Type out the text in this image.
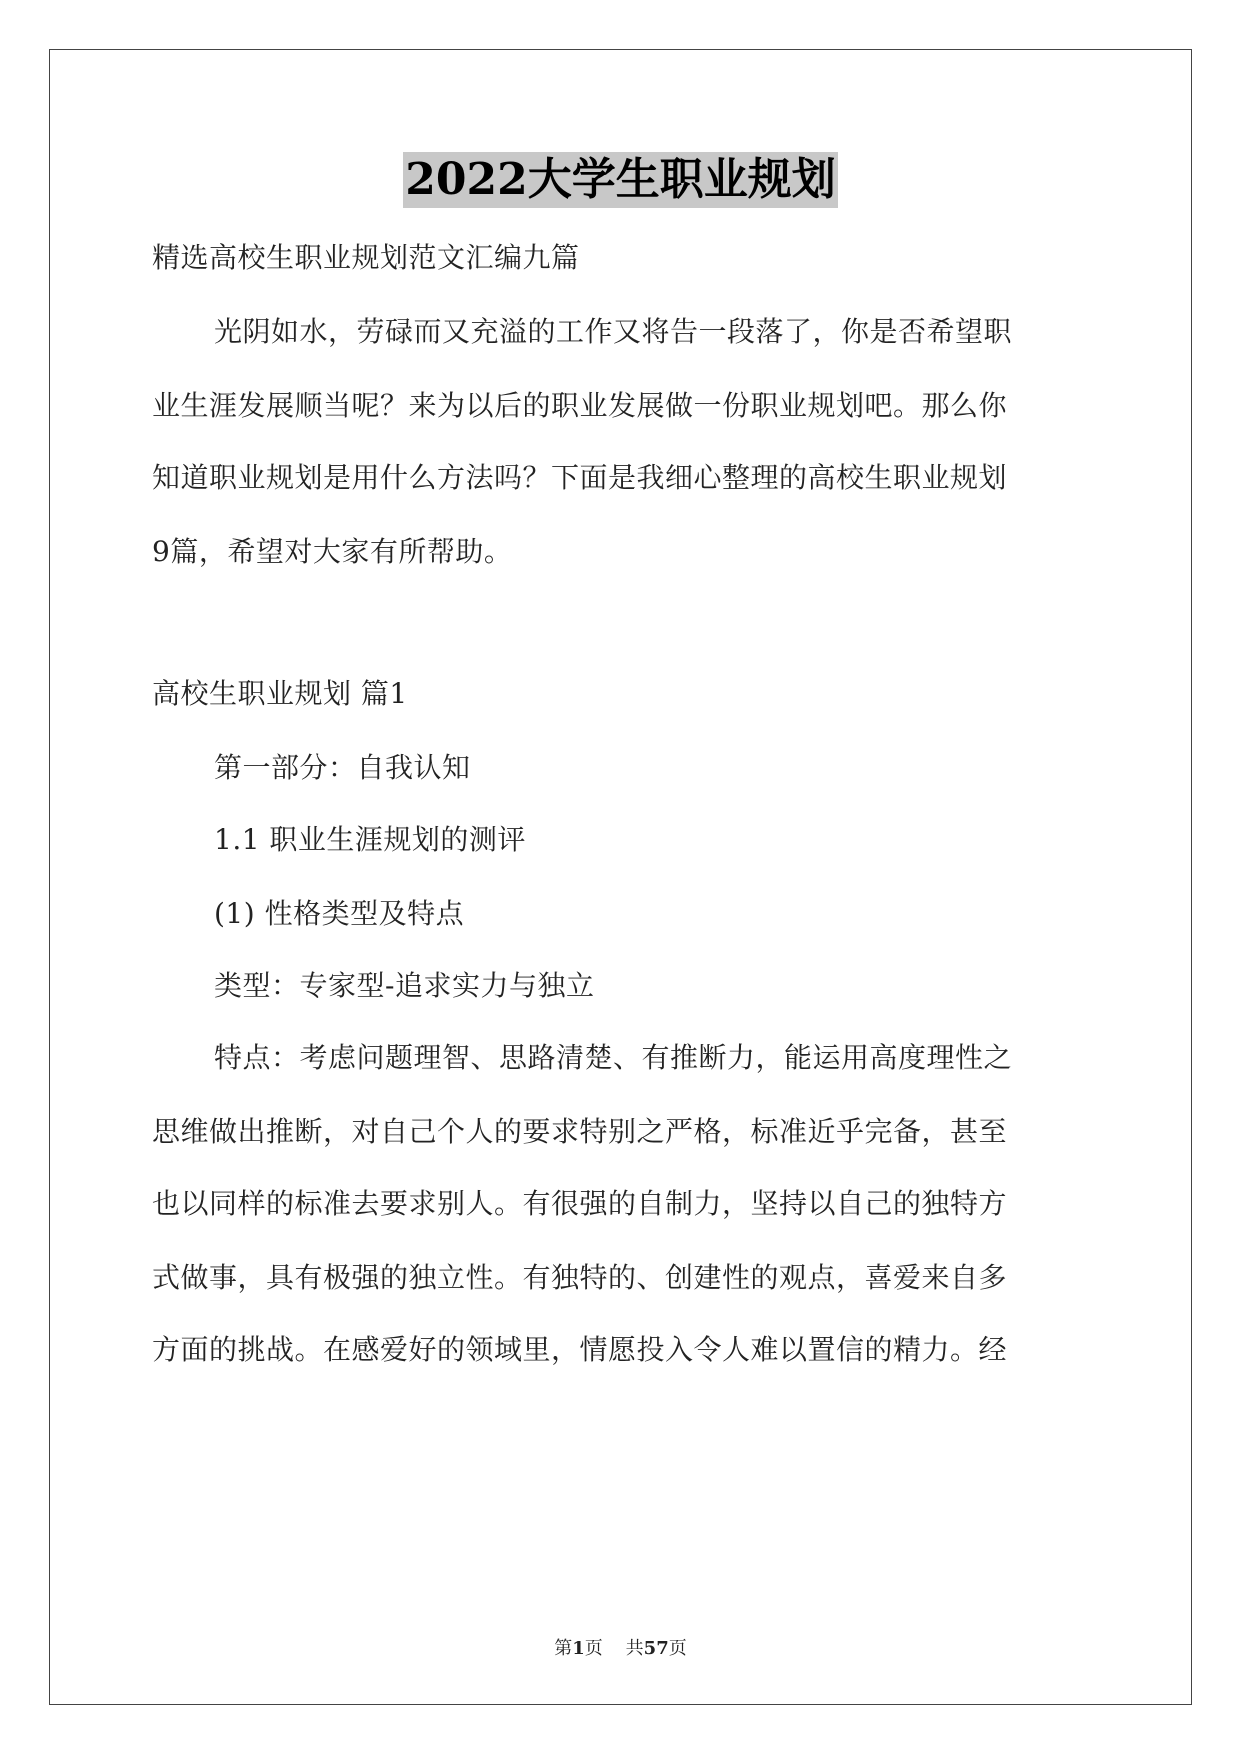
2022大学生职业规划
精选高校生职业规划范文汇编九篇
光阴如水，劳碌而又充溢的工作又将告一段落了，你是否希望职
业生涯发展顺当呢？来为以后的职业发展做一份职业规划吧。那么你
知道职业规划是用什么方法吗？下面是我细心整理的高校生职业规划
9篇，希望对大家有所帮助。
高校生职业规划 篇1
第一部分：自我认知
1.1 职业生涯规划的测评
(1) 性格类型及特点
类型：专家型-追求实力与独立
特点：考虑问题理智、思路清楚、有推断力，能运用高度理性之
思维做出推断，对自己个人的要求特别之严格，标准近乎完备，甚至
也以同样的标准去要求别人。有很强的自制力，坚持以自己的独特方
式做事，具有极强的独立性。有独特的、创建性的观点，喜爱来自多
方面的挑战。在感爱好的领域里，情愿投入令人难以置信的精力。经
第1页 共57页
